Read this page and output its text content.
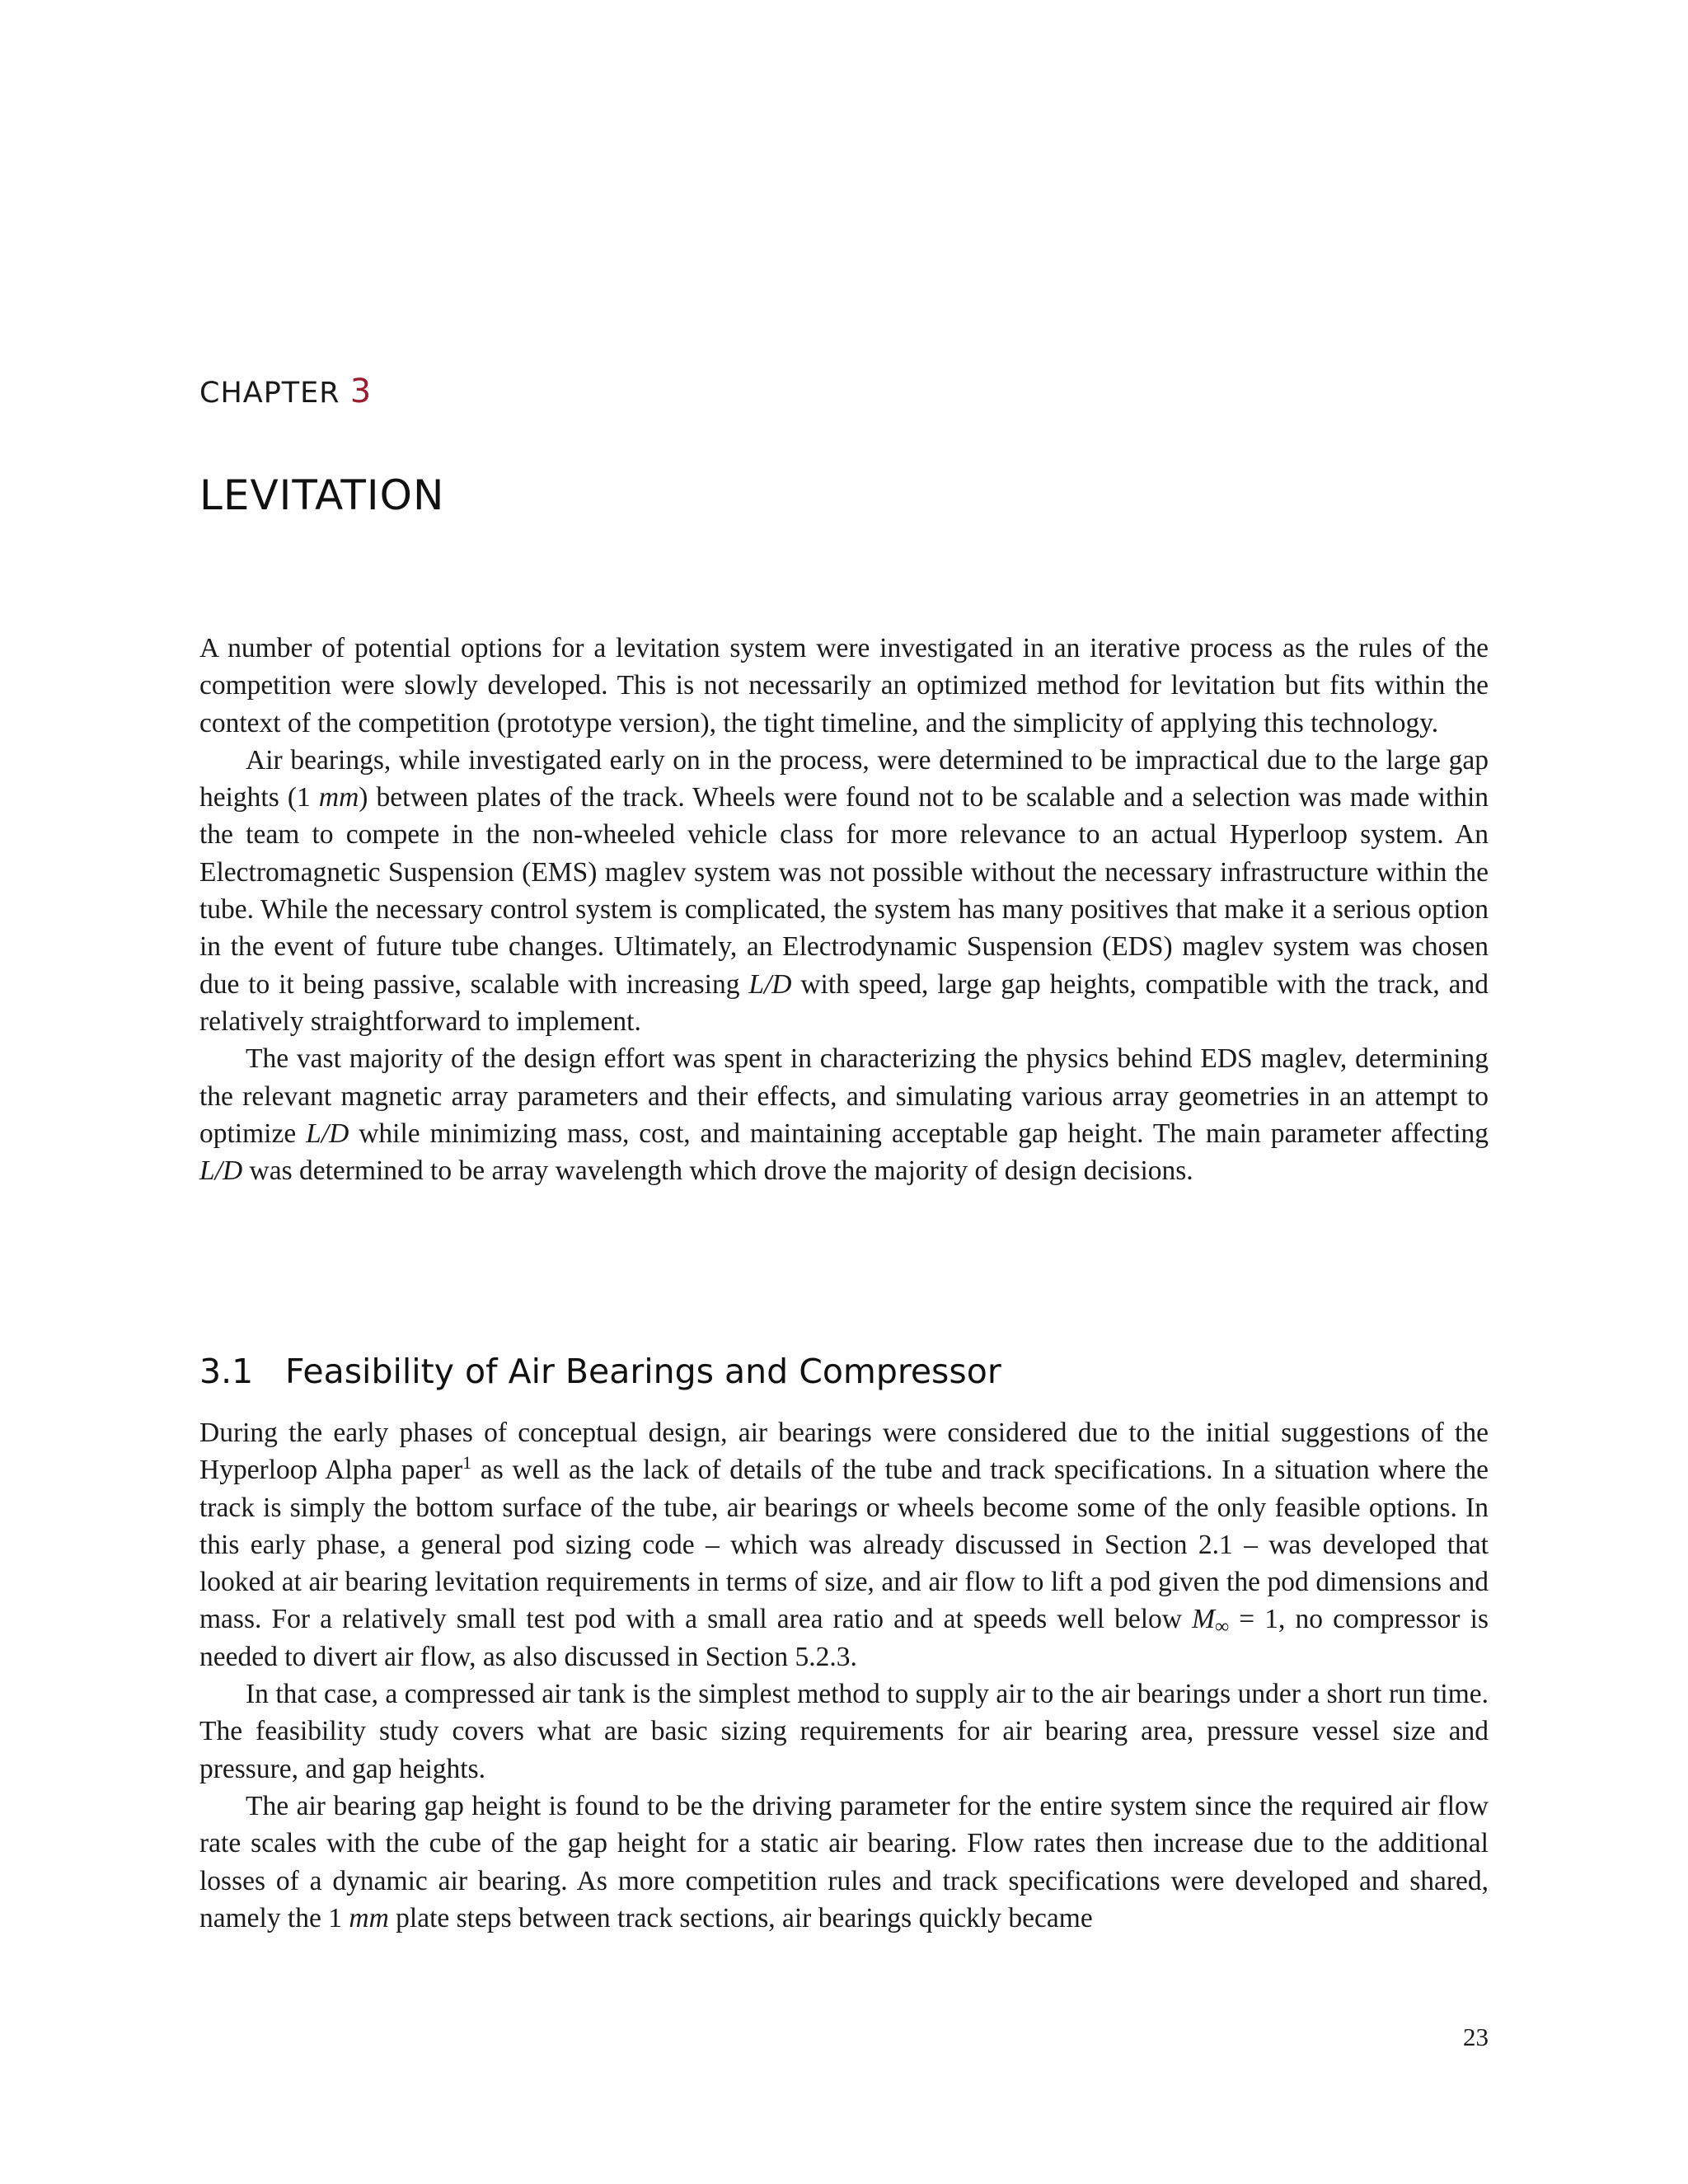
CHAPTER 3
LEVITATION

A number of potential options for a levitation system were investigated in an iterative process as the rules of the competition were slowly developed. This is not necessarily an optimized method for levitation but fits within the context of the competition (prototype version), the tight timeline, and the simplicity of applying this technology.

Air bearings, while investigated early on in the process, were determined to be impractical due to the large gap heights (1 mm) between plates of the track. Wheels were found not to be scalable and a selection was made within the team to compete in the non-wheeled vehicle class for more relevance to an actual Hyperloop system. An Electromagnetic Suspension (EMS) maglev system was not possible without the necessary infrastructure within the tube. While the necessary control system is complicated, the system has many positives that make it a serious option in the event of future tube changes. Ultimately, an Electrodynamic Suspension (EDS) maglev system was chosen due to it being passive, scalable with increasing L/D with speed, large gap heights, compatible with the track, and relatively straightforward to implement.

The vast majority of the design effort was spent in characterizing the physics behind EDS maglev, determining the relevant magnetic array parameters and their effects, and simulating various array geometries in an attempt to optimize L/D while minimizing mass, cost, and maintaining acceptable gap height. The main parameter affecting L/D was determined to be array wavelength which drove the majority of design decisions.

3.1 Feasibility of Air Bearings and Compressor

During the early phases of conceptual design, air bearings were considered due to the initial suggestions of the Hyperloop Alpha paper$^1$ as well as the lack of details of the tube and track specifications. In a situation where the track is simply the bottom surface of the tube, air bearings or wheels become some of the only feasible options. In this early phase, a general pod sizing code – which was already discussed in Section 2.1 – was developed that looked at air bearing levitation requirements in terms of size, and air flow to lift a pod given the pod dimensions and mass. For a relatively small test pod with a small area ratio and at speeds well below $M_\infty = 1$, no compressor is needed to divert air flow, as also discussed in Section 5.2.3.

In that case, a compressed air tank is the simplest method to supply air to the air bearings under a short run time. The feasibility study covers what are basic sizing requirements for air bearing area, pressure vessel size and pressure, and gap heights.

The air bearing gap height is found to be the driving parameter for the entire system since the required air flow rate scales with the cube of the gap height for a static air bearing. Flow rates then increase due to the additional losses of a dynamic air bearing. As more competition rules and track specifications were developed and shared, namely the 1 mm plate steps between track sections, air bearings quickly became

23
